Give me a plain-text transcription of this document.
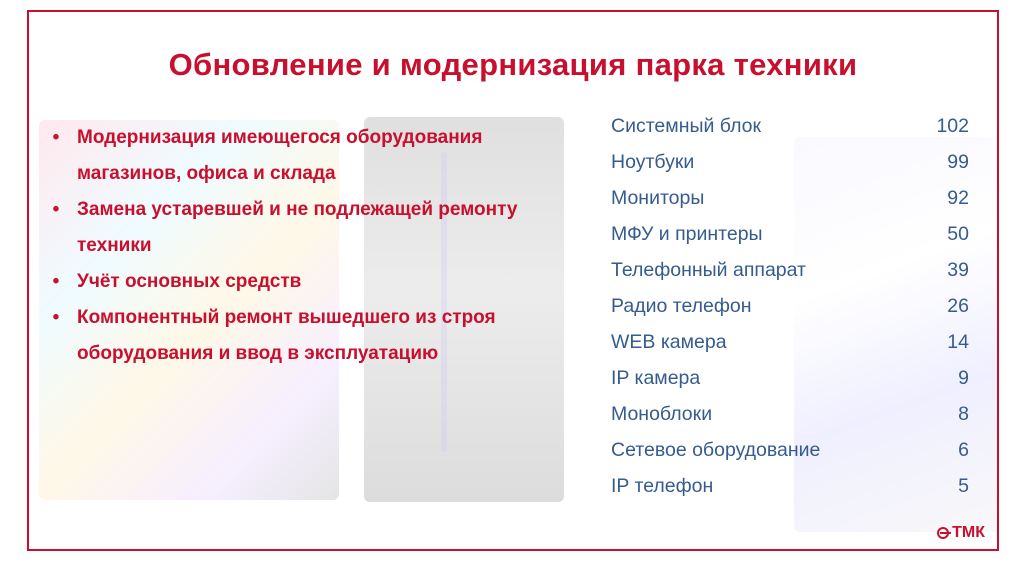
Обновление и модернизация парка техники
• Модернизация имеющегося оборудования магазинов, офиса и склада
• Замена устаревшей и не подлежащей ремонту техники
• Учёт основных средств
• Компонентный ремонт вышедшего из строя оборудования и ввод в эксплуатацию
Системный блок	102
Ноутбуки	99
Мониторы	92
МФУ и принтеры	50
Телефонный аппарат	39
Радио телефон	26
WEB камера	14
IP камера	9
Моноблоки	8
Сетевое оборудование	6
IP телефон	5
ТМК
